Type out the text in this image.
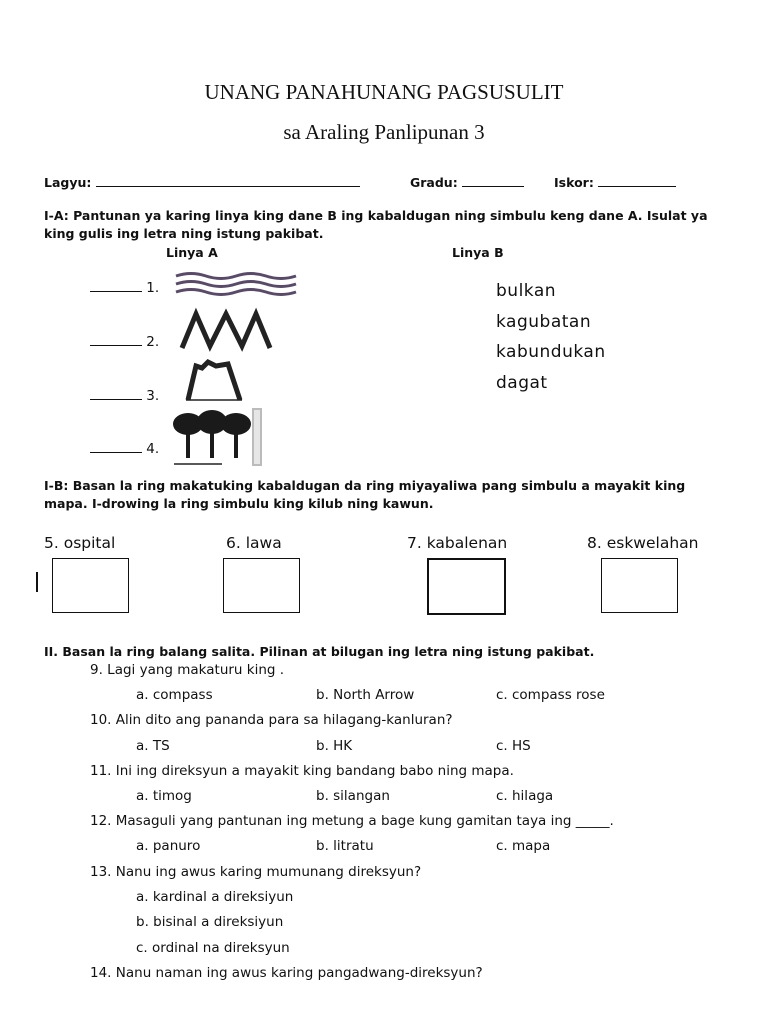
UNANG PANAHUNANG PAGSUSULIT
sa Araling Panlipunan 3
Lagyu:	Gradu:	Iskor:
I-A: Pantunan ya karing linya king dane B ing kabaldugan ning simbulu keng dane A. Isulat ya king gulis ing letra ning istung pakibat.
Linya A	Linya B
1.
2.
3.
4.
bulkan
kagubatan
kabundukan
dagat
I-B: Basan la ring makatuking kabaldugan da ring miyayaliwa pang simbulu a mayakit king mapa. I-drowing la ring simbulu king kilub ning kawun.
5. ospital	6. lawa	7. kabalenan	8. eskwelahan
II. Basan la ring balang salita. Pilinan at bilugan ing letra ning istung pakibat.
9. Lagi yang makaturu king .
a. compass	b. North Arrow	c. compass rose
10. Alin dito ang pananda para sa hilagang-kanluran?
a. TS	b. HK	c. HS
11. Ini ing direksyun a mayakit king bandang babo ning mapa.
a. timog	b. silangan	c. hilaga
12. Masaguli yang pantunan ing metung a bage kung gamitan taya ing _____.
a. panuro	b. litratu	c. mapa
13. Nanu ing awus karing mumunang direksyun?
a. kardinal a direksiyun
b. bisinal a direksiyun
c. ordinal na direksyun
14. Nanu naman ing awus karing pangadwang-direksyun?
